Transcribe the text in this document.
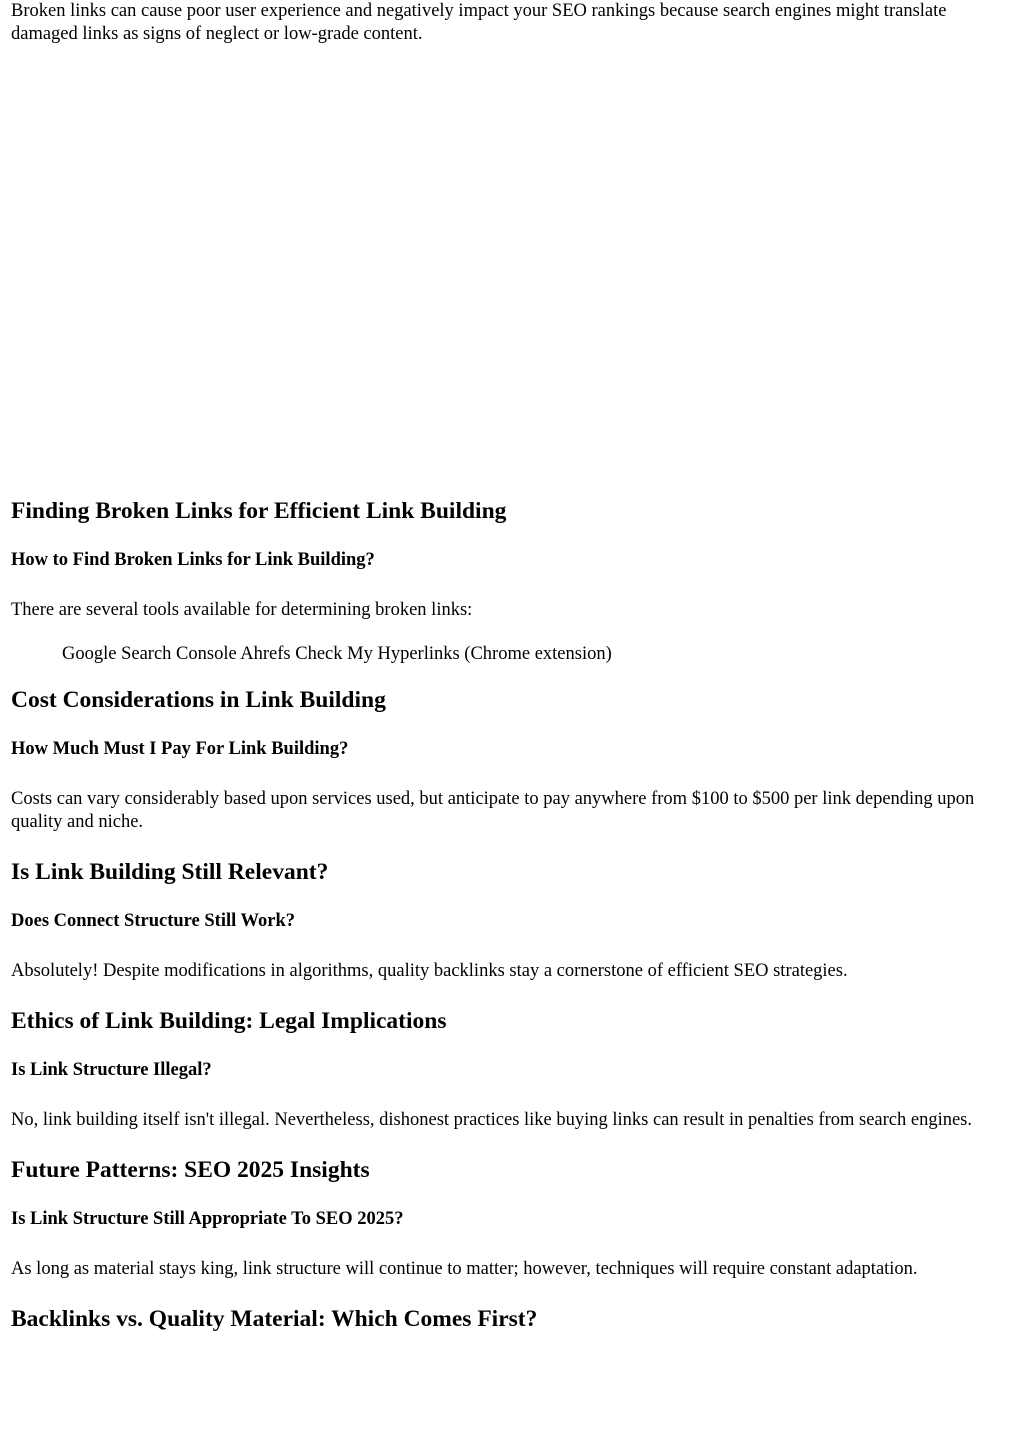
Broken links can cause poor user experience and negatively impact your SEO rankings because search engines might translate damaged links as signs of neglect or low-grade content.

Finding Broken Links for Efficient Link Building
How to Find Broken Links for Link Building?

There are several tools available for determining broken links:

Google Search Console Ahrefs Check My Hyperlinks (Chrome extension)

Cost Considerations in Link Building
How Much Must I Pay For Link Building?

Costs can vary considerably based upon services used, but anticipate to pay anywhere from $100 to $500 per link depending upon quality and niche.

Is Link Building Still Relevant?
Does Connect Structure Still Work?

Absolutely! Despite modifications in algorithms, quality backlinks stay a cornerstone of efficient SEO strategies.

Ethics of Link Building: Legal Implications
Is Link Structure Illegal?

No, link building itself isn't illegal. Nevertheless, dishonest practices like buying links can result in penalties from search engines.

Future Patterns: SEO 2025 Insights
Is Link Structure Still Appropriate To SEO 2025?

As long as material stays king, link structure will continue to matter; however, techniques will require constant adaptation.

Backlinks vs. Quality Material: Which Comes First?
